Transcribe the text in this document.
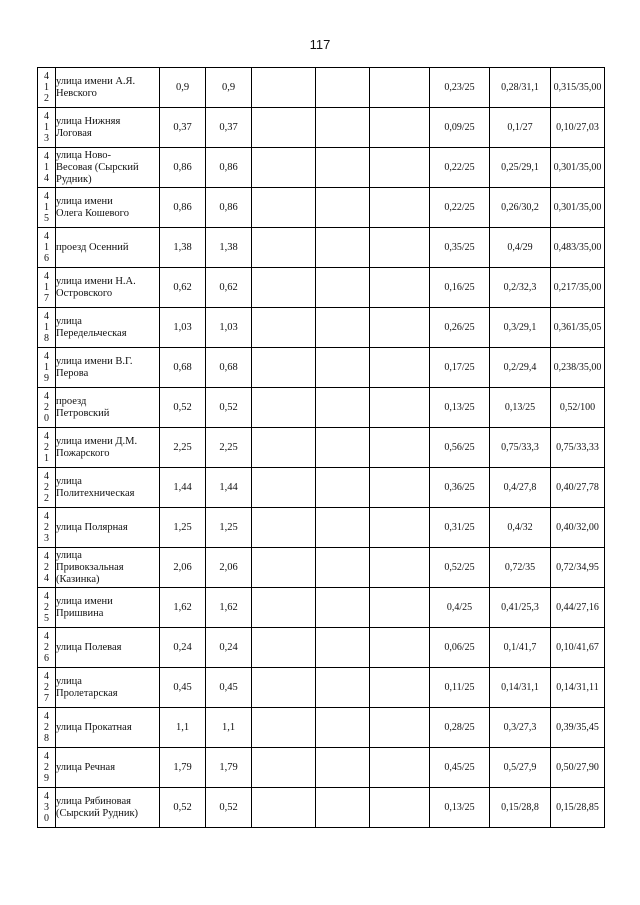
117
4
1
2	улица имени А.Я.
Невского	0,9	0,9				0,23/25	0,28/31,1	0,315/35,00

4
1
3	улица Нижняя
Логовая	0,37	0,37				0,09/25	0,1/27	0,10/27,03

4
1
4	улица Ново-
Весовая (Сырский
Рудник)	0,86	0,86				0,22/25	0,25/29,1	0,301/35,00

4
1
5	улица имени
Олега Кошевого	0,86	0,86				0,22/25	0,26/30,2	0,301/35,00

4
1
6	проезд Осенний	1,38	1,38				0,35/25	0,4/29	0,483/35,00

4
1
7	улица имени Н.А.
Островского	0,62	0,62				0,16/25	0,2/32,3	0,217/35,00

4
1
8	улица
Передельческая	1,03	1,03				0,26/25	0,3/29,1	0,361/35,05

4
1
9	улица имени В.Г.
Перова	0,68	0,68				0,17/25	0,2/29,4	0,238/35,00

4
2
0	проезд
Петровский	0,52	0,52				0,13/25	0,13/25	0,52/100

4
2
1	улица имени Д.М.
Пожарского	2,25	2,25				0,56/25	0,75/33,3	0,75/33,33

4
2
2	улица
Политехническая	1,44	1,44				0,36/25	0,4/27,8	0,40/27,78

4
2
3	улица Полярная	1,25	1,25				0,31/25	0,4/32	0,40/32,00

4
2
4	улица
Привокзальная
(Казинка)	2,06	2,06				0,52/25	0,72/35	0,72/34,95

4
2
5	улица имени
Пришвина	1,62	1,62				0,4/25	0,41/25,3	0,44/27,16

4
2
6	улица Полевая	0,24	0,24				0,06/25	0,1/41,7	0,10/41,67

4
2
7	улица
Пролетарская	0,45	0,45				0,11/25	0,14/31,1	0,14/31,11

4
2
8	улица Прокатная	1,1	1,1				0,28/25	0,3/27,3	0,39/35,45

4
2
9	улица Речная	1,79	1,79				0,45/25	0,5/27,9	0,50/27,90

4
3
0	улица Рябиновая
(Сырский Рудник)	0,52	0,52				0,13/25	0,15/28,8	0,15/28,85
